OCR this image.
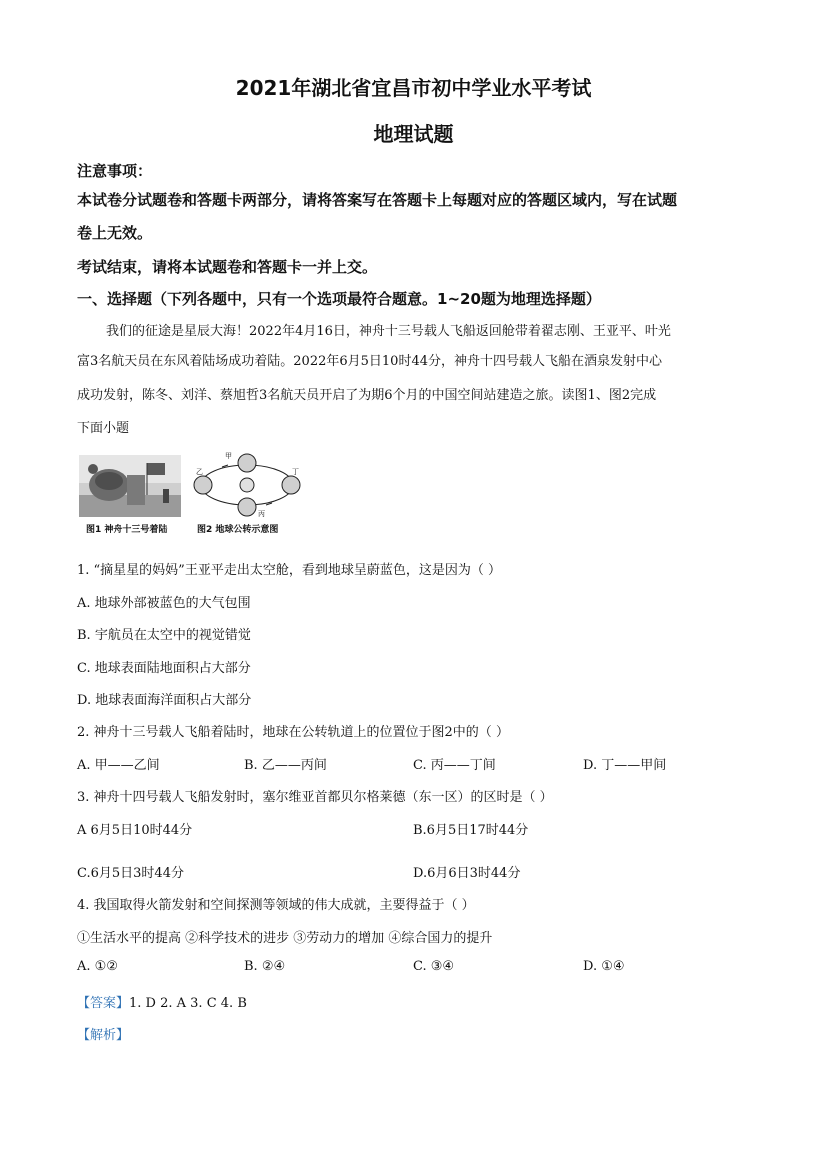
2021年湖北省宜昌市初中学业水平考试
地理试题
注意事项：
本试卷分试题卷和答题卡两部分，请将答案写在答题卡上每题对应的答题区域内，写在试题
卷上无效。
考试结束，请将本试题卷和答题卡一并上交。
一、选择题（下列各题中，只有一个选项最符合题意。1~20题为地理选择题）
我们的征途是星辰大海！2022年4月16日，神舟十三号载人飞船返回舱带着翟志刚、王亚平、叶光
富3名航天员在东风着陆场成功着陆。2022年6月5日10时44分，神舟十四号载人飞船在酒泉发射中心
成功发射，陈冬、刘洋、蔡旭哲3名航天员开启了为期6个月的中国空间站建造之旅。读图1、图2完成
下面小题
图1 神舟十三号着陆
甲
乙
丙
丁
图2 地球公转示意图
1. “摘星星的妈妈”王亚平走出太空舱，看到地球呈蔚蓝色，这是因为（ ）
A. 地球外部被蓝色的大气包围
B. 宇航员在太空中的视觉错觉
C. 地球表面陆地面积占大部分
D. 地球表面海洋面积占大部分
2. 神舟十三号载人飞船着陆时，地球在公转轨道上的位置位于图2中的（ ）
A. 甲——乙间	B. 乙——丙间	C. 丙——丁间	D. 丁——甲间
3. 神舟十四号载人飞船发射时，塞尔维亚首都贝尔格莱德（东一区）的区时是（ ）
A 6月5日10时44分	B.6月5日17时44分
C.6月5日3时44分	D.6月6日3时44分
4. 我国取得火箭发射和空间探测等领域的伟大成就，主要得益于（ ）
①生活水平的提高 ②科学技术的进步 ③劳动力的增加 ④综合国力的提升
A. ①②	B. ②④	C. ③④	D. ①④
【答案】1. D 2. A 3. C 4. B
【解析】
